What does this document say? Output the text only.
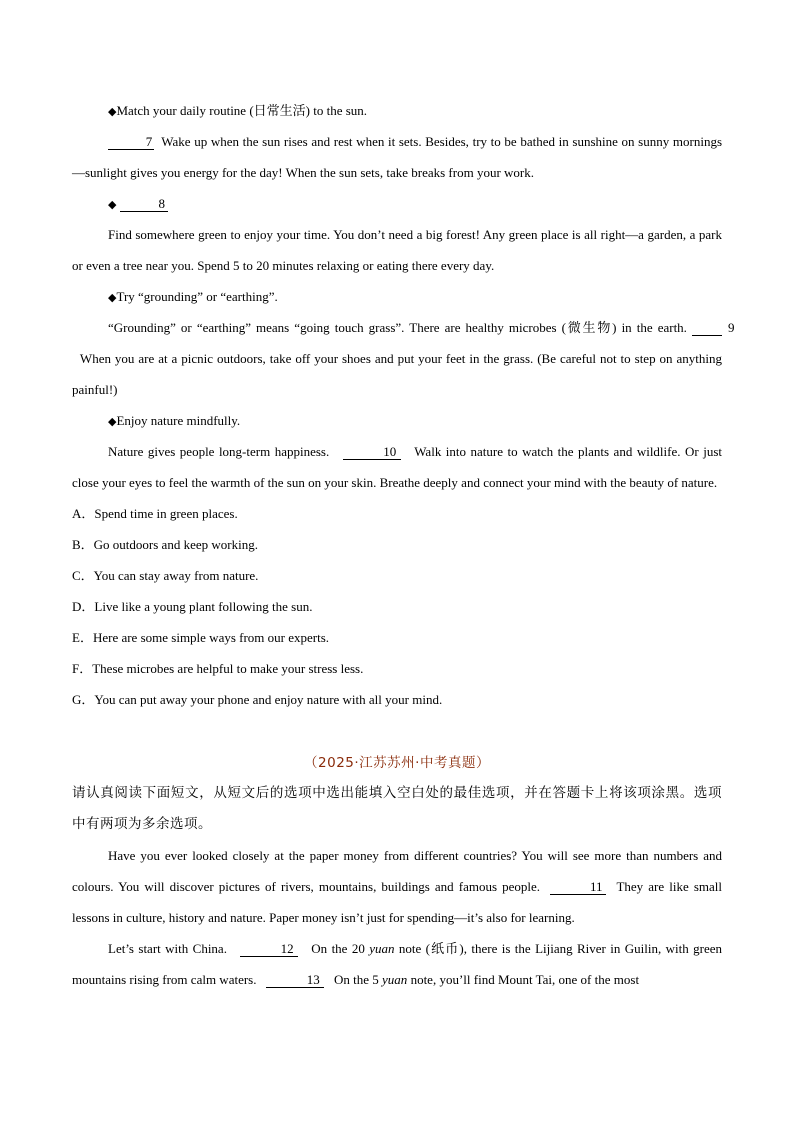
◆Match your daily routine (日常生活) to the sun.

7 Wake up when the sun rises and rest when it sets. Besides, try to be bathed in sunshine on sunny mornings—sunlight gives you energy for the day! When the sun sets, take breaks from your work.

◆	8

Find somewhere green to enjoy your time. You don’t need a big forest! Any green place is all right—a garden, a park or even a tree near you. Spend 5 to 20 minutes relaxing or eating there every day.

◆Try “grounding” or “earthing”.

“Grounding” or “earthing” means “going touch grass”. There are healthy microbes (微生物) in the earth.	9  When you are at a picnic outdoors, take off your shoes and put your feet in the grass. (Be careful not to step on anything painful!)

◆Enjoy nature mindfully.

Nature gives people long-term happiness.	10 Walk into nature to watch the plants and wildlife. Or just close your eyes to feel the warmth of the sun on your skin. Breathe deeply and connect your mind with the beauty of nature.

A．Spend time in green places.
B．Go outdoors and keep working.
C．You can stay away from nature.
D．Live like a young plant following the sun.
E．Here are some simple ways from our experts.
F．These microbes are helpful to make your stress less.
G．You can put away your phone and enjoy nature with all your mind.
（2025·江苏苏州·中考真题）

请认真阅读下面短文，从短文后的选项中选出能填入空白处的最佳选项，并在答题卡上将该项涂黑。选项中有两项为多余选项。

Have you ever looked closely at the paper money from different countries? You will see more than numbers and colours. You will discover pictures of rivers, mountains, buildings and famous people.	11 They are like small lessons in culture, history and nature. Paper money isn’t just for spending—it’s also for learning.

Let’s start with China.	12 On the 20 yuan note (纸币), there is the Lijiang River in Guilin, with green mountains rising from calm waters.	13 On the 5 yuan note, you’ll find Mount Tai, one of the most
